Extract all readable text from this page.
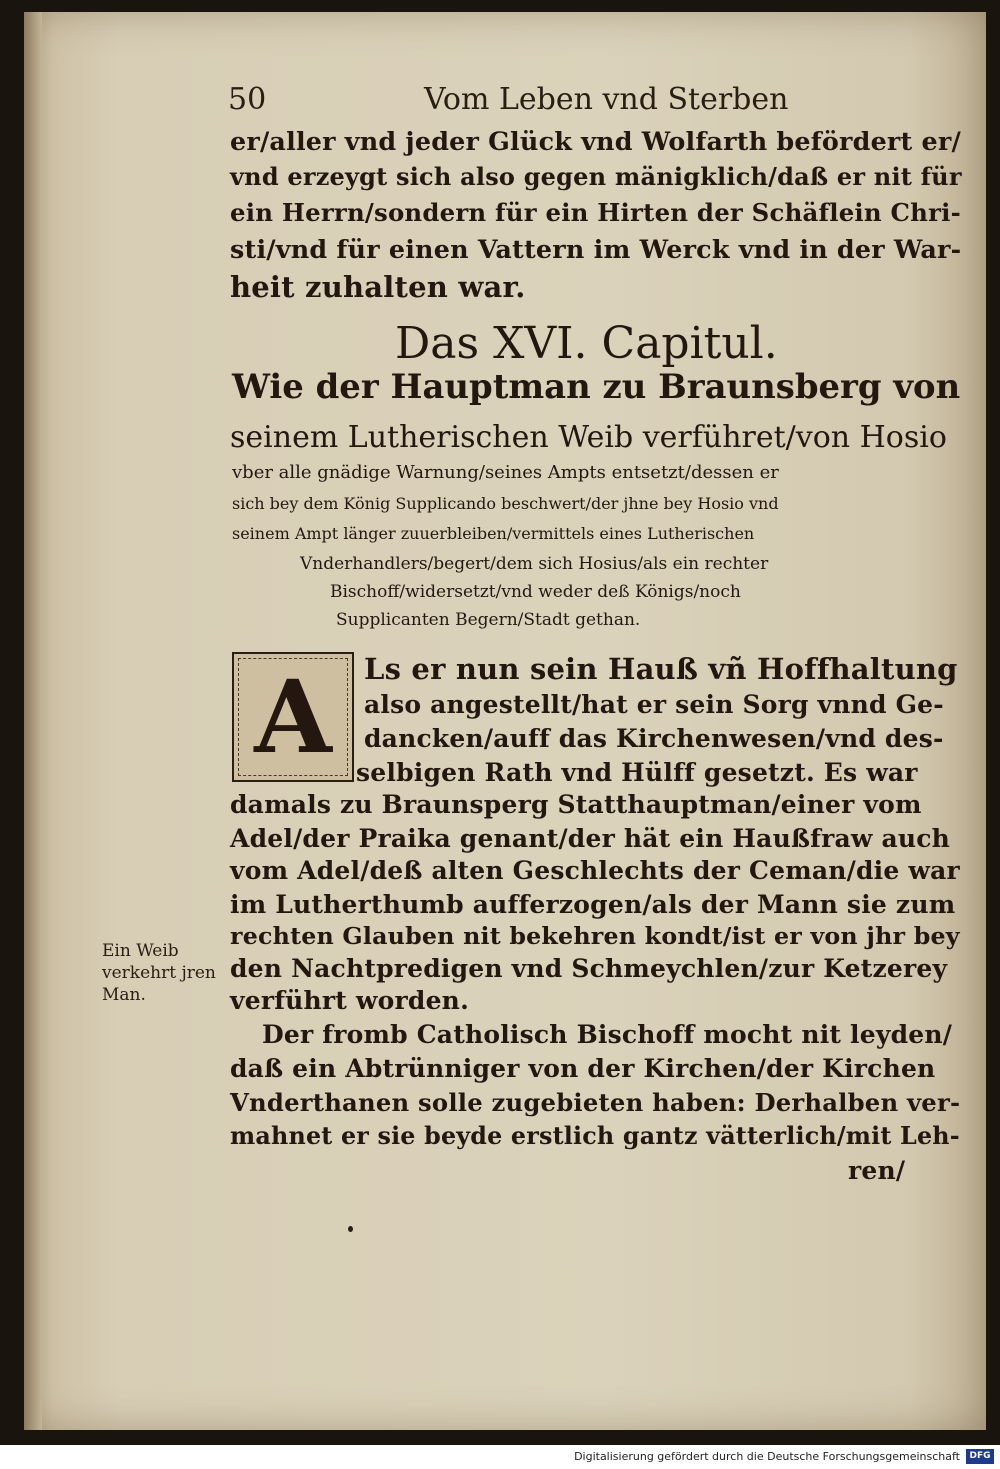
50	Vom Leben vnd Sterben
er/aller vnd jeder Glück vnd Wolfarth befördert er/
vnd erzeygt sich also gegen mänigklich/daß er nit für
ein Herrn/sondern für ein Hirten der Schäflein Chri-
sti/vnd für einen Vattern im Werck vnd in der War-
heit zuhalten war.
Das XVI. Capitul.
Wie der Hauptman zu Braunsberg von
seinem Lutherischen Weib verführet/von Hosio
vber alle gnädige Warnung/seines Ampts entsetzt/dessen er
sich bey dem König Supplicando beschwert/der jhne bey Hosio vnd
seinem Ampt länger zuuerbleiben/vermittels eines Lutherischen
Vnderhandlers/begert/dem sich Hosius/als ein rechter
Bischoff/widersetzt/vnd weder deß Königs/noch
Supplicanten Begern/Stadt gethan.
A Ls er nun sein Hauß vñ Hoffhaltung
also angestellt/hat er sein Sorg vnnd Ge-
dancken/auff das Kirchenwesen/vnd des-
selbigen Rath vnd Hülff gesetzt. Es war
damals zu Braunsperg Statthauptman/einer vom
Adel/der Praika genant/der hät ein Haußfraw auch
vom Adel/deß alten Geschlechts der Ceman/die war
im Lutherthumb aufferzogen/als der Mann sie zum
rechten Glauben nit bekehren kondt/ist er von jhr bey
den Nachtpredigen vnd Schmeychlen/zur Ketzerey
verführt worden.
Der fromb Catholisch Bischoff mocht nit leyden/
daß ein Abtrünniger von der Kirchen/der Kirchen
Vnderthanen solle zugebieten haben: Derhalben ver-
mahnet er sie beyde erstlich gantz vätterlich/mit Leh-
ren/
Ein Weib
verkehrt jren
Man.
Digitalisierung gefördert durch die Deutsche Forschungsgemeinschaft	DFG
